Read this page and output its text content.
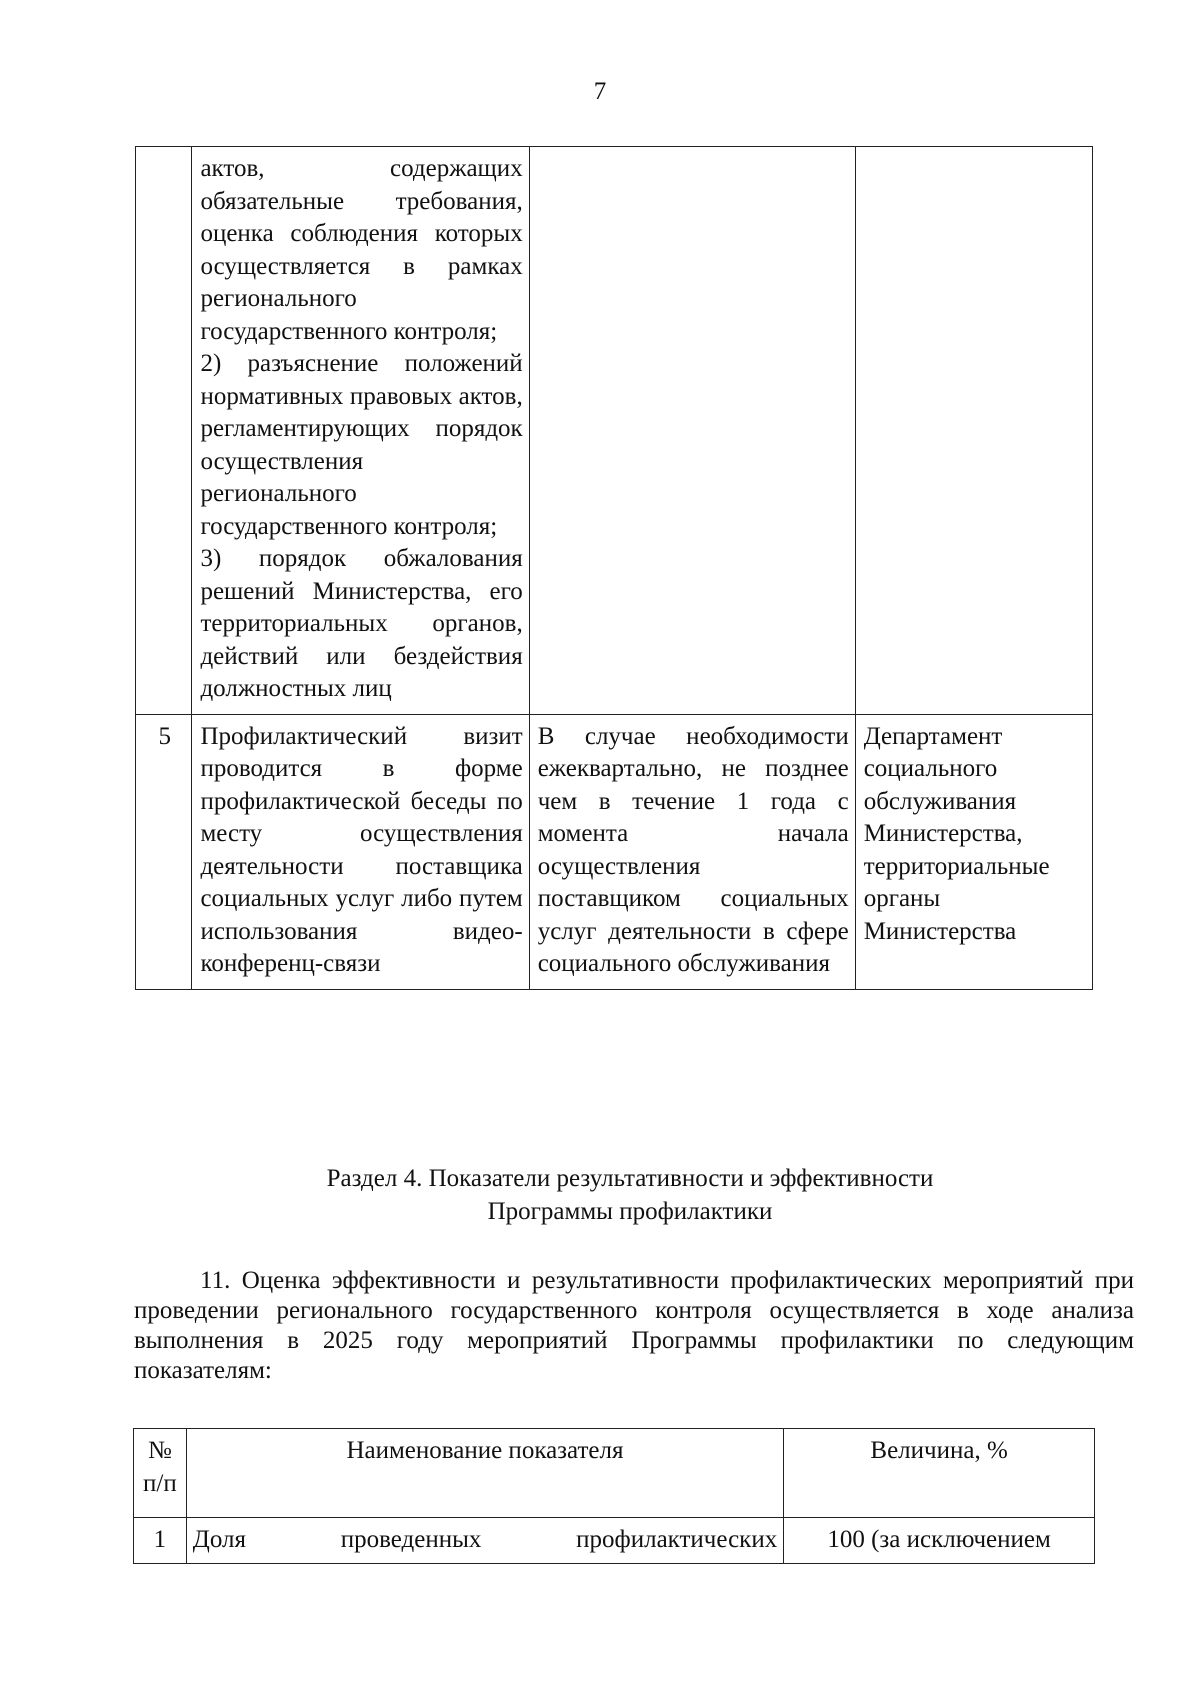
7
	актов, содержащих обязательные требования, оценка соблюдения которых осуществляется в рамках регионального государственного контроля;
2) разъяснение положений нормативных правовых актов, регламентирующих порядок осуществления регионального государственного контроля;
3) порядок обжалования решений Министерства, его территориальных органов, действий или бездействия должностных лиц		
5	Профилактический визит проводится в форме профилактической беседы по месту осуществления деятельности поставщика социальных услуг либо путем использования видео-конференц-связи	В случае необходимости ежеквартально, не позднее чем в течение 1 года с момента начала осуществления поставщиком социальных услуг деятельности в сфере социального обслуживания	Департамент социального обслуживания Министерства, территориальные органы Министерства
Раздел 4. Показатели результативности и эффективности
Программы профилактики
11. Оценка эффективности и результативности профилактических мероприятий при проведении регионального государственного контроля осуществляется в ходе анализа выполнения в 2025 году мероприятий Программы профилактики по следующим показателям:
№ п/п	Наименование показателя	Величина, %

1	Доля проведенных профилактических	100 (за исключением
